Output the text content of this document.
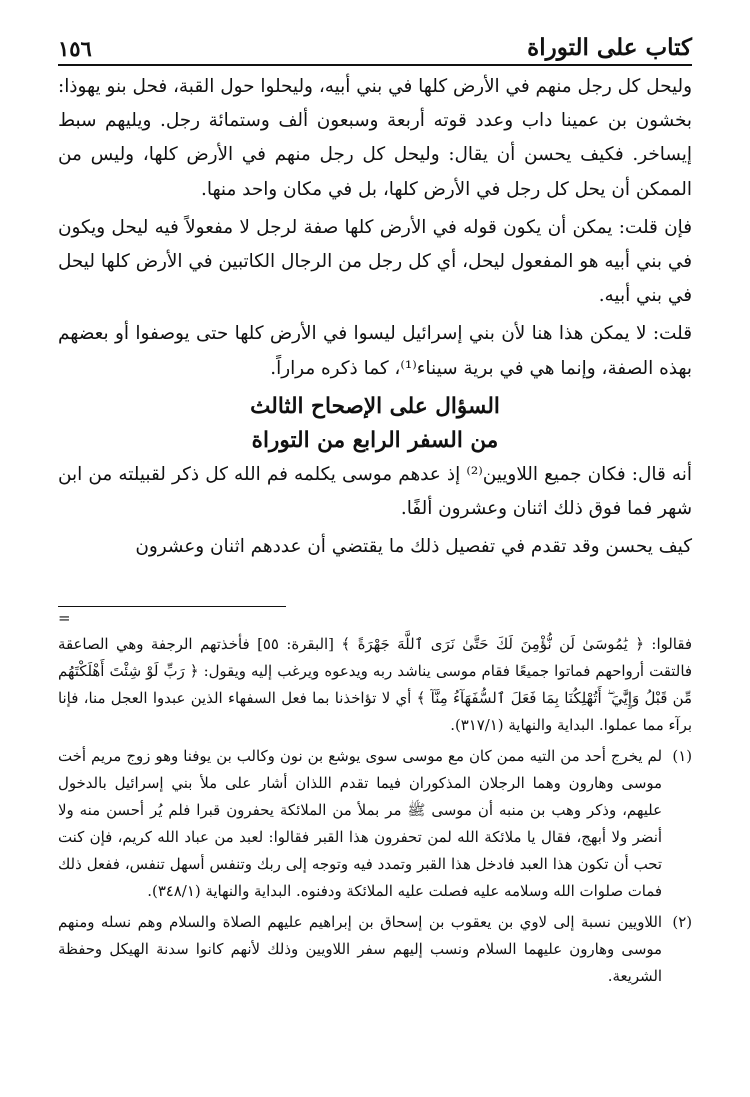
كتاب على التوراة
١٥٦

وليحل كل رجل منهم في الأرض كلها في بني أبيه، وليحلوا حول القبة، فحل بنو يهوذا: بخشون بن عمينا داب وعدد قوته أربعة وسبعون ألف وستمائة رجل. ويليهم سبط إيساخر. فكيف يحسن أن يقال: وليحل كل رجل منهم في الأرض كلها، وليس من الممكن أن يحل كل رجل في الأرض كلها، بل في مكان واحد منها.

فإن قلت: يمكن أن يكون قوله في الأرض كلها صفة لرجل لا مفعولاً فيه ليحل ويكون في بني أبيه هو المفعول ليحل، أي كل رجل من الرجال الكاتبين في الأرض كلها ليحل في بني أبيه.

قلت: لا يمكن هذا هنا لأن بني إسرائيل ليسوا في الأرض كلها حتى يوصفوا أو بعضهم بهذه الصفة، وإنما هي في برية سيناء⁽¹⁾، كما ذكره مراراً.

السؤال على الإصحاح الثالث
من السفر الرابع من التوراة

أنه قال: فكان جميع اللاويين⁽²⁾ إذ عدهم موسى يكلمه فم الله كل ذكر لقبيلته من ابن شهر فما فوق ذلك اثنان وعشرون ألفًا.

كيف يحسن وقد تقدم في تفصيل ذلك ما يقتضي أن عددهم اثنان وعشرون

=

فقالوا: ﴿ يَٰمُوسَىٰ لَن نُّؤْمِنَ لَكَ حَتَّىٰ نَرَى ٱللَّهَ جَهْرَةً ﴾ [البقرة: ٥٥] فأخذتهم الرجفة وهي الصاعقة فالتقت أرواحهم فماتوا جميعًا فقام موسى يناشد ربه ويدعوه ويرغب إليه ويقول: ﴿ رَبِّ لَوْ شِئْتَ أَهْلَكْتَهُم مِّن قَبْلُ وَإِيَّٰيَ ۖ أَتُهْلِكُنَا بِمَا فَعَلَ ٱلسُّفَهَآءُ مِنَّآ ﴾ أي لا تؤاخذنا بما فعل السفهاء الذين عبدوا العجل منا، فإنا برآء مما عملوا. البداية والنهاية (٣١٧/١).

(١)

لم يخرج أحد من التيه ممن كان مع موسى سوى يوشع بن نون وكالب بن يوفنا وهو زوج مريم أخت موسى وهارون وهما الرجلان المذكوران فيما تقدم اللذان أشار على ملأ بني إسرائيل بالدخول عليهم، وذكر وهب بن منبه أن موسى ﷺ مر بملأ من الملائكة يحفرون قبرا فلم يُر أحسن منه ولا أنضر ولا أبهج، فقال يا ملائكة الله لمن تحفرون هذا القبر فقالوا: لعبد من عباد الله كريم، فإن كنت تحب أن تكون هذا العبد فادخل هذا القبر وتمدد فيه وتوجه إلى ربك وتنفس أسهل تنفس، ففعل ذلك فمات صلوات الله وسلامه عليه فصلت عليه الملائكة ودفنوه. البداية والنهاية (٣٤٨/١).

(٢)

اللاويين نسبة إلى لاوي بن يعقوب بن إسحاق بن إبراهيم عليهم الصلاة والسلام وهم نسله ومنهم موسى وهارون عليهما السلام ونسب إليهم سفر اللاويين وذلك لأنهم كانوا سدنة الهيكل وحفظة الشريعة.
